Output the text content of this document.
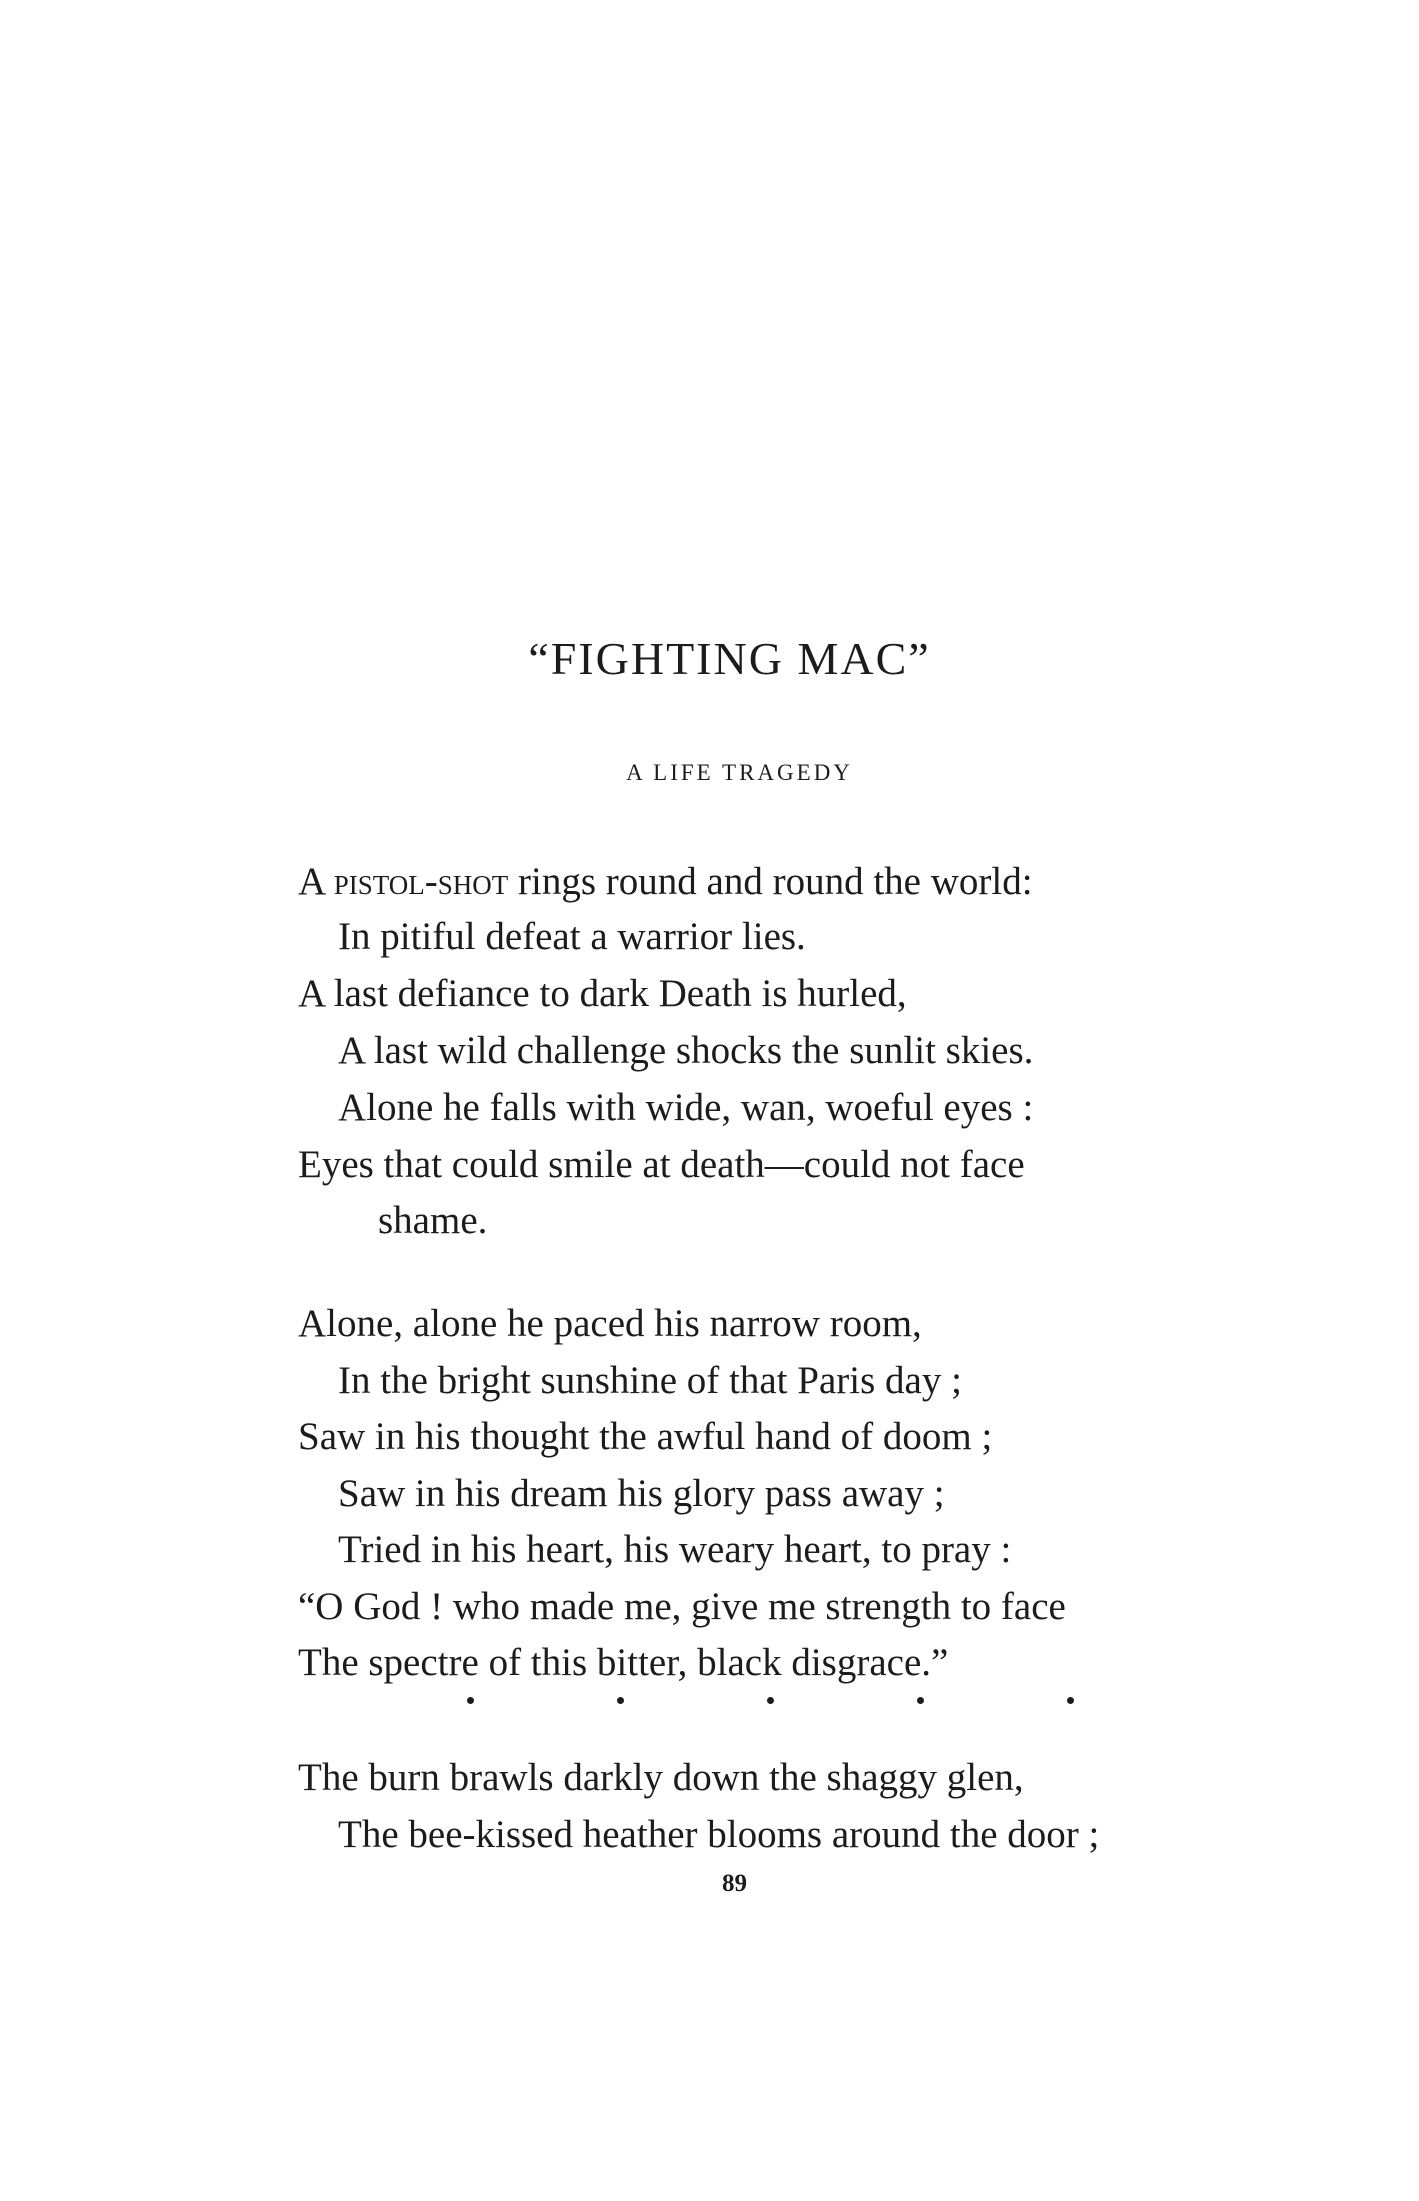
“FIGHTING MAC”
A LIFE TRAGEDY
A pistol-shot rings round and round the world:
In pitiful defeat a warrior lies.
A last defiance to dark Death is hurled,
A last wild challenge shocks the sunlit skies.
Alone he falls with wide, wan, woeful eyes :
Eyes that could smile at death—could not face
shame.
Alone, alone he paced his narrow room,
In the bright sunshine of that Paris day ;
Saw in his thought the awful hand of doom ;
Saw in his dream his glory pass away ;
Tried in his heart, his weary heart, to pray :
“O God ! who made me, give me strength to face
The spectre of this bitter, black disgrace.”
The burn brawls darkly down the shaggy glen,
The bee-kissed heather blooms around the door ;
89
